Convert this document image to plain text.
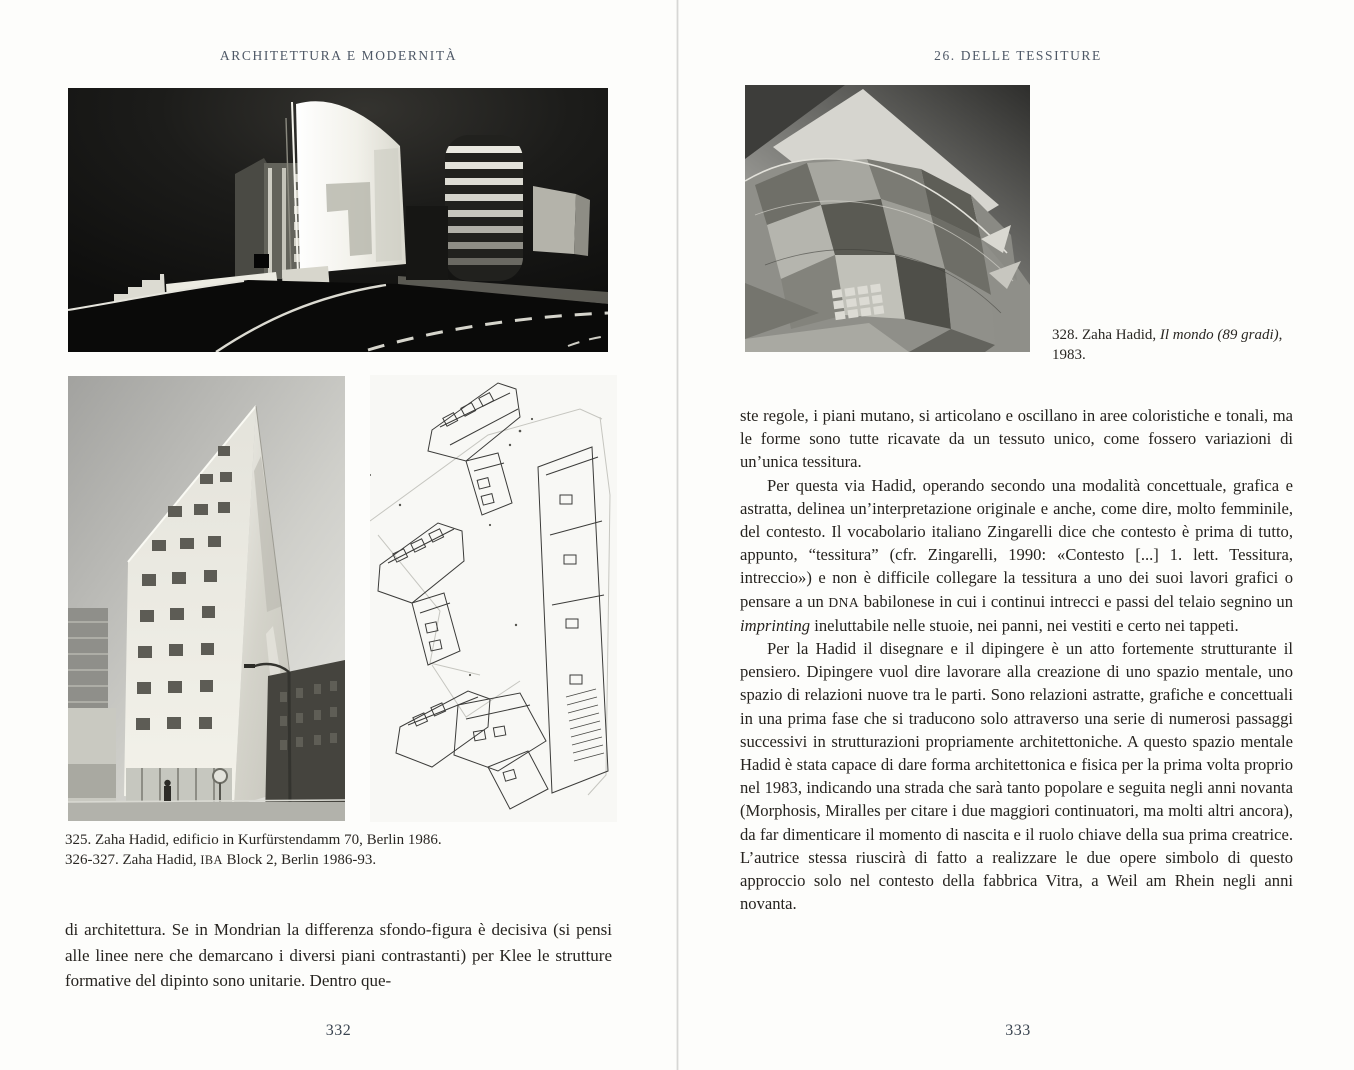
ARCHITETTURA E MODERNITÀ
325. Zaha Hadid, edificio in Kurfürstendamm 70, Berlin 1986.
326-327. Zaha Hadid, IBA Block 2, Berlin 1986-93.
di architettura. Se in Mondrian la differenza sfondo-figura è decisiva (si pensi alle linee nere che demarcano i diversi piani contrastanti) per Klee le strutture formative del dipinto sono unitarie. Dentro que-
332
26. DELLE TESSITURE
328. Zaha Hadid, Il mondo (89 gradi), 1983.

ste regole, i piani mutano, si articolano e oscillano in aree coloristiche e tonali, ma le forme sono tutte ricavate da un tessuto unico, come fossero variazioni di un’unica tessitura.

Per questa via Hadid, operando secondo una modalità concettuale, grafica e astratta, delinea un’interpretazione originale e anche, come dire, molto femminile, del contesto. Il vocabolario italiano Zingarelli dice che contesto è prima di tutto, appunto, “tessitura” (cfr. Zingarelli, 1990: «Contesto [...] 1. lett. Tessitura, intreccio») e non è difficile collegare la tessitura a uno dei suoi lavori grafici o pensare a un DNA babilonese in cui i continui intrecci e passi del telaio segnino un imprinting ineluttabile nelle stuoie, nei panni, nei vestiti e certo nei tappeti.

Per la Hadid il disegnare e il dipingere è un atto fortemente strutturante il pensiero. Dipingere vuol dire lavorare alla creazione di uno spazio mentale, uno spazio di relazioni nuove tra le parti. Sono relazioni astratte, grafiche e concettuali in una prima fase che si traducono solo attraverso una serie di numerosi passaggi successivi in strutturazioni propriamente architettoniche. A questo spazio mentale Hadid è stata capace di dare forma architettonica e fisica per la prima volta proprio nel 1983, indicando una strada che sarà tanto popolare e seguita negli anni novanta (Morphosis, Miralles per citare i due maggiori continuatori, ma molti altri ancora), da far dimenticare il momento di nascita e il ruolo chiave della sua prima creatrice. L’autrice stessa riuscirà di fatto a realizzare le due opere simbolo di questo approccio solo nel contesto della fabbrica Vitra, a Weil am Rhein negli anni novanta.

333
